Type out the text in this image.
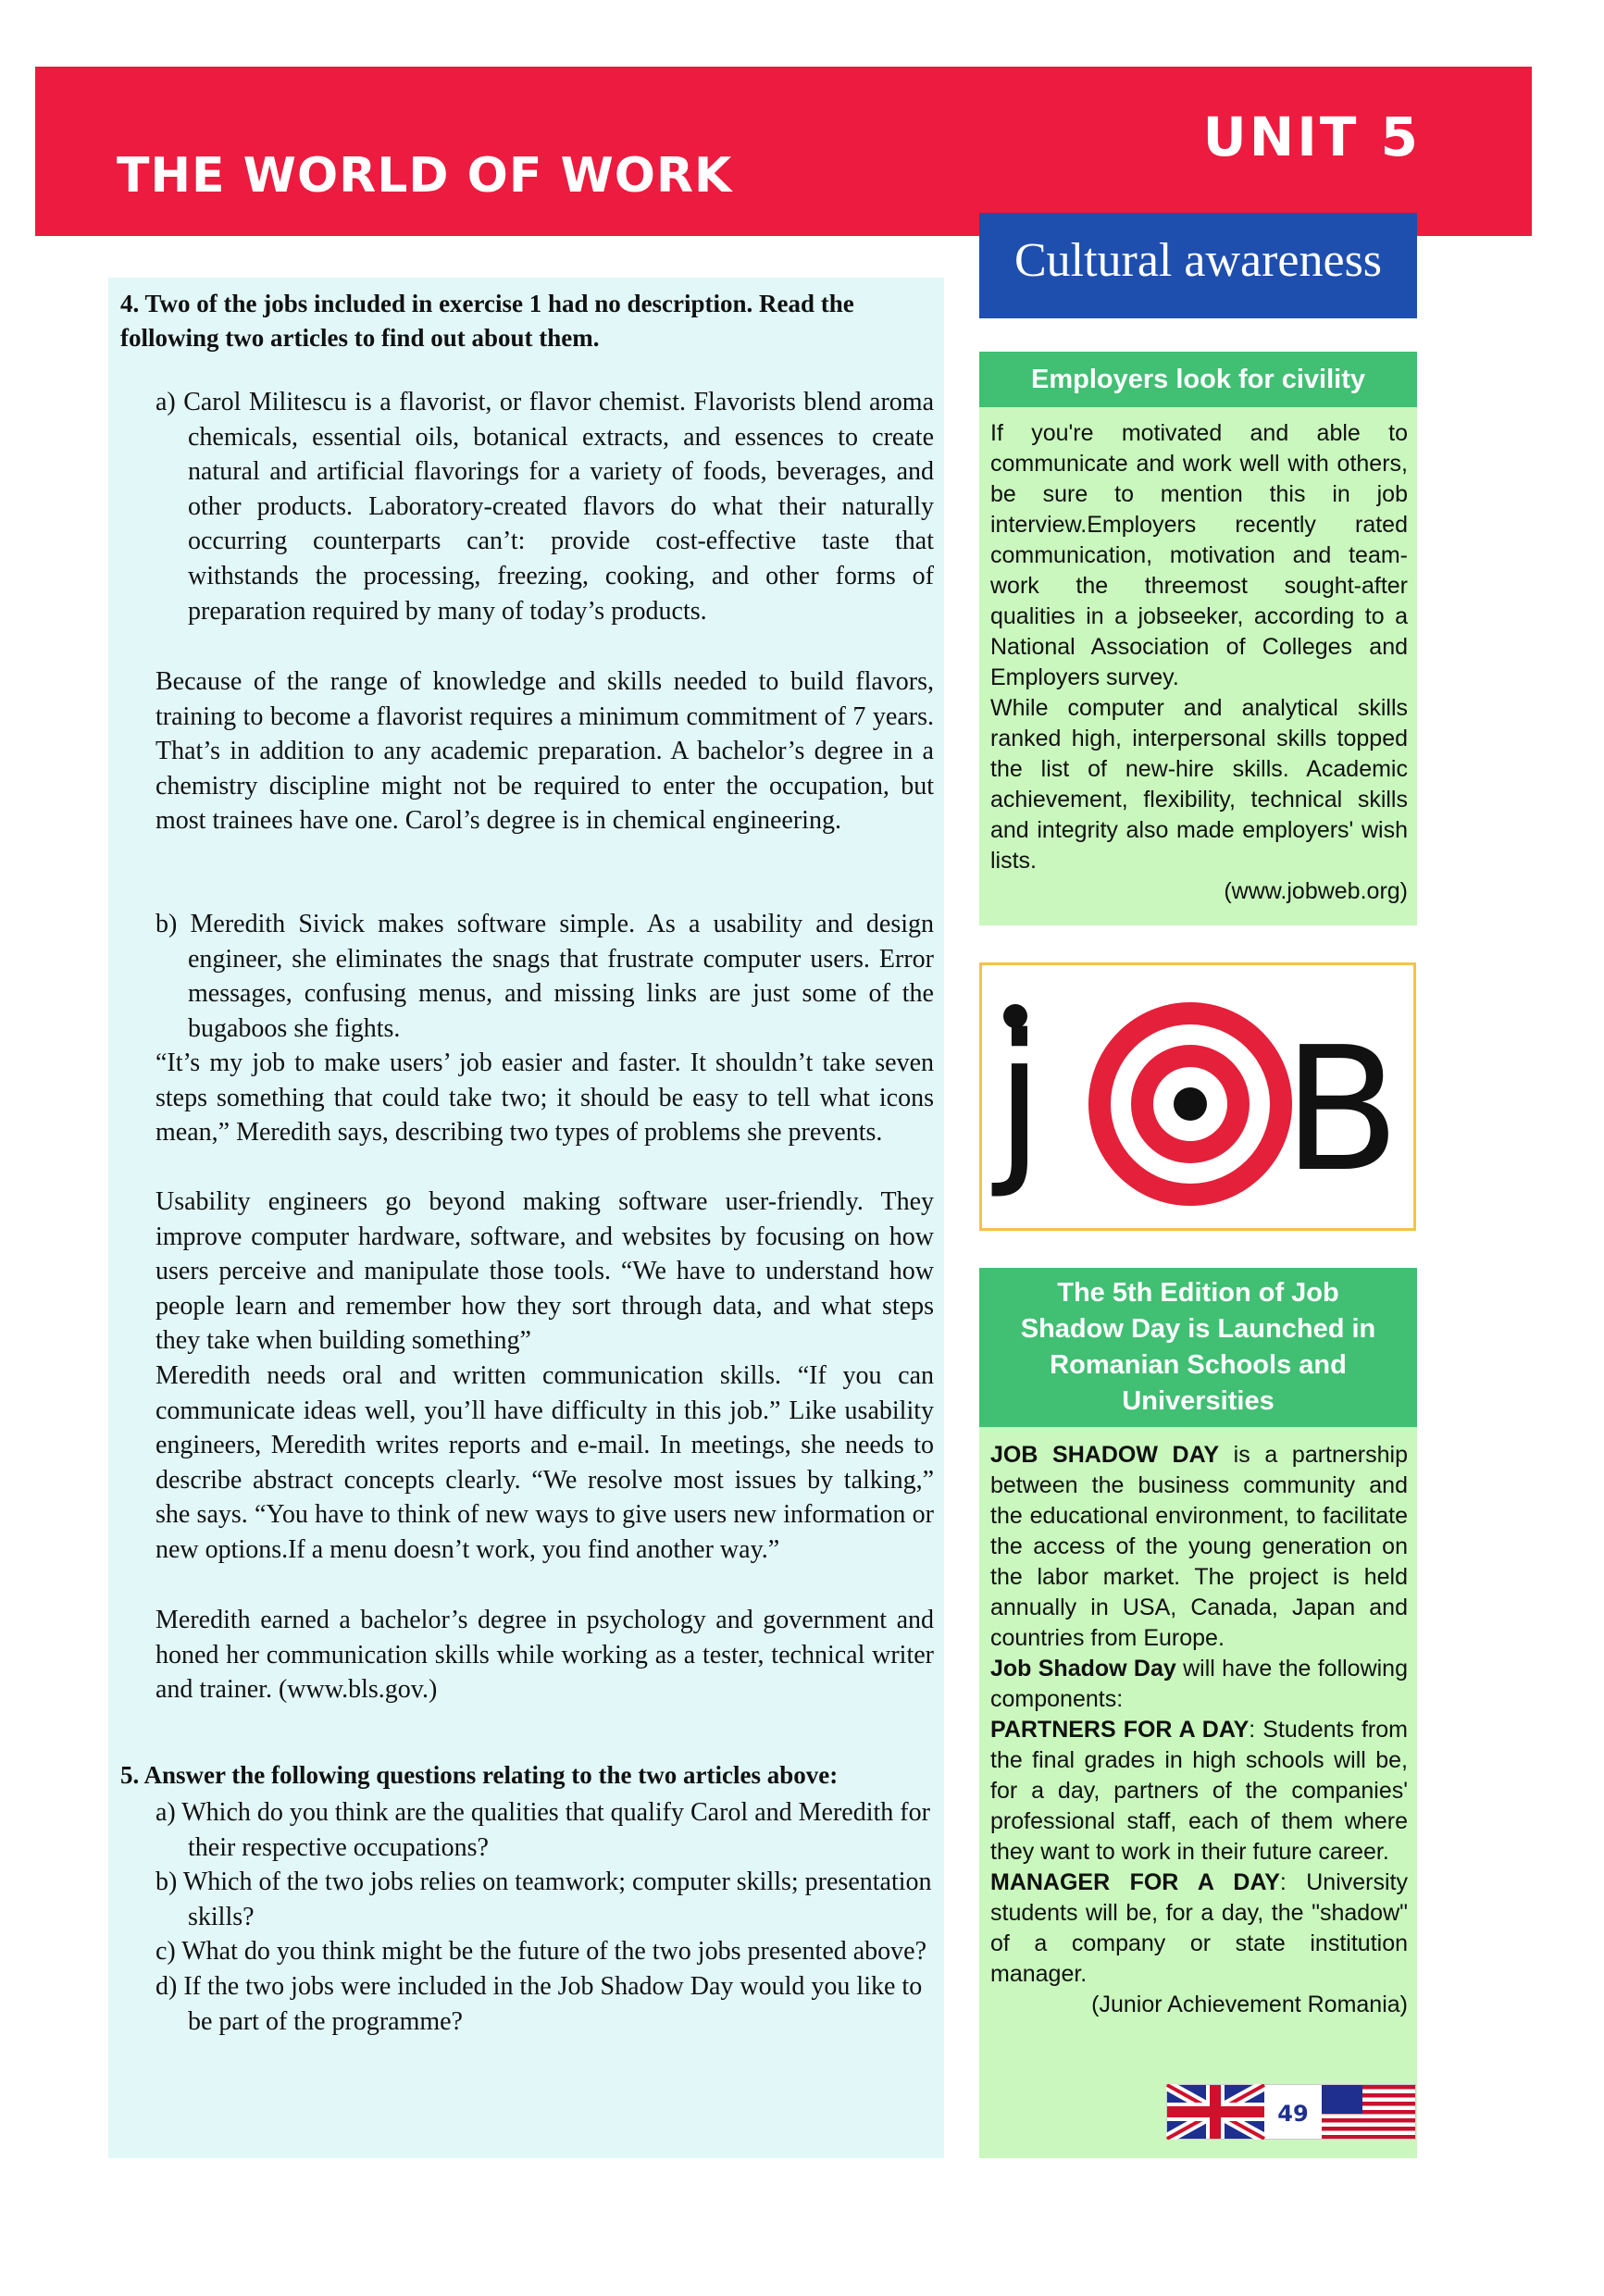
THE WORLD OF WORK
UNIT 5
Cultural awareness
4. Two of the jobs included in exercise 1 had no description. Read the following two articles to find out about them.

a) Carol Militescu is a flavorist, or flavor chemist. Flavorists blend aroma chemicals, essential oils, botanical extracts, and essences to create natural and artificial flavorings for a variety of foods, beverages, and other products. Laboratory-created flavors do what their naturally occurring counterparts can’t: provide cost-effective taste that withstands the processing, freezing, cooking, and other forms of preparation required by many of today’s products.

Because of the range of knowledge and skills needed to build flavors, training to become a flavorist requires a minimum commitment of 7 years. That’s in addition to any academic preparation. A bachelor’s degree in a chemistry discipline might not be required to enter the occupation, but most trainees have one. Carol’s degree is in chemical engineering.

b) Meredith Sivick makes software simple. As a usability and design engineer, she eliminates the snags that frustrate computer users. Error messages, confusing menus, and missing links are just some of the bugaboos she fights.

“It’s my job to make users’ job easier and faster. It shouldn’t take seven steps something that could take two; it should be easy to tell what icons mean,” Meredith says, describing two types of problems she prevents.

Usability engineers go beyond making software user-friendly. They improve computer hardware, software, and websites by focusing on how users perceive and manipulate those tools. “We have to understand how people learn and remember how they sort through data, and what steps they take when building something”

Meredith needs oral and written communication skills. “If you can communicate ideas well, you’ll have difficulty in this job.” Like usability engineers, Meredith writes reports and e-mail. In meetings, she needs to describe abstract concepts clearly. “We resolve most issues by talking,” she says. “You have to think of new ways to give users new information or new options.If a menu doesn’t work, you find another way.”

Meredith earned a bachelor’s degree in psychology and government and honed her communication skills while working as a tester, technical writer and trainer. (www.bls.gov.)

5. Answer the following questions relating to the two articles above:
a) Which do you think are the qualities that qualify Carol and Meredith for their respective occupations?
b) Which of the two jobs relies on teamwork; computer skills; presentation skills?
c) What do you think might be the future of the two jobs presented above?
d) If the two jobs were included in the Job Shadow Day would you like to be part of the programme?
Employers look for civility
If you're motivated and able to communicate and work well with others, be sure to mention this in job interview.Employers recently rated communication, motivation and team-work the threemost sought-after qualities in a jobseeker, according to a National Association of Colleges and Employers survey.
While computer and analytical skills ranked high, interpersonal skills topped the list of new-hire skills. Academic achievement, flexibility, technical skills and integrity also made employers' wish lists.
(www.jobweb.org)
j B
The 5th Edition of Job Shadow Day is Launched in Romanian Schools and Universities
JOB SHADOW DAY is a partnership between the business community and the educational environment, to facilitate the access of the young generation on the labor market. The project is held annually in USA, Canada, Japan and countries from Europe.
Job Shadow Day will have the following components:
PARTNERS FOR A DAY: Students from the final grades in high schools will be, for a day, partners of the companies' professional staff, each of them where they want to work in their future career.
MANAGER FOR A DAY: University students will be, for a day, the "shadow" of a company or state institution manager.
(Junior Achievement Romania)
49
